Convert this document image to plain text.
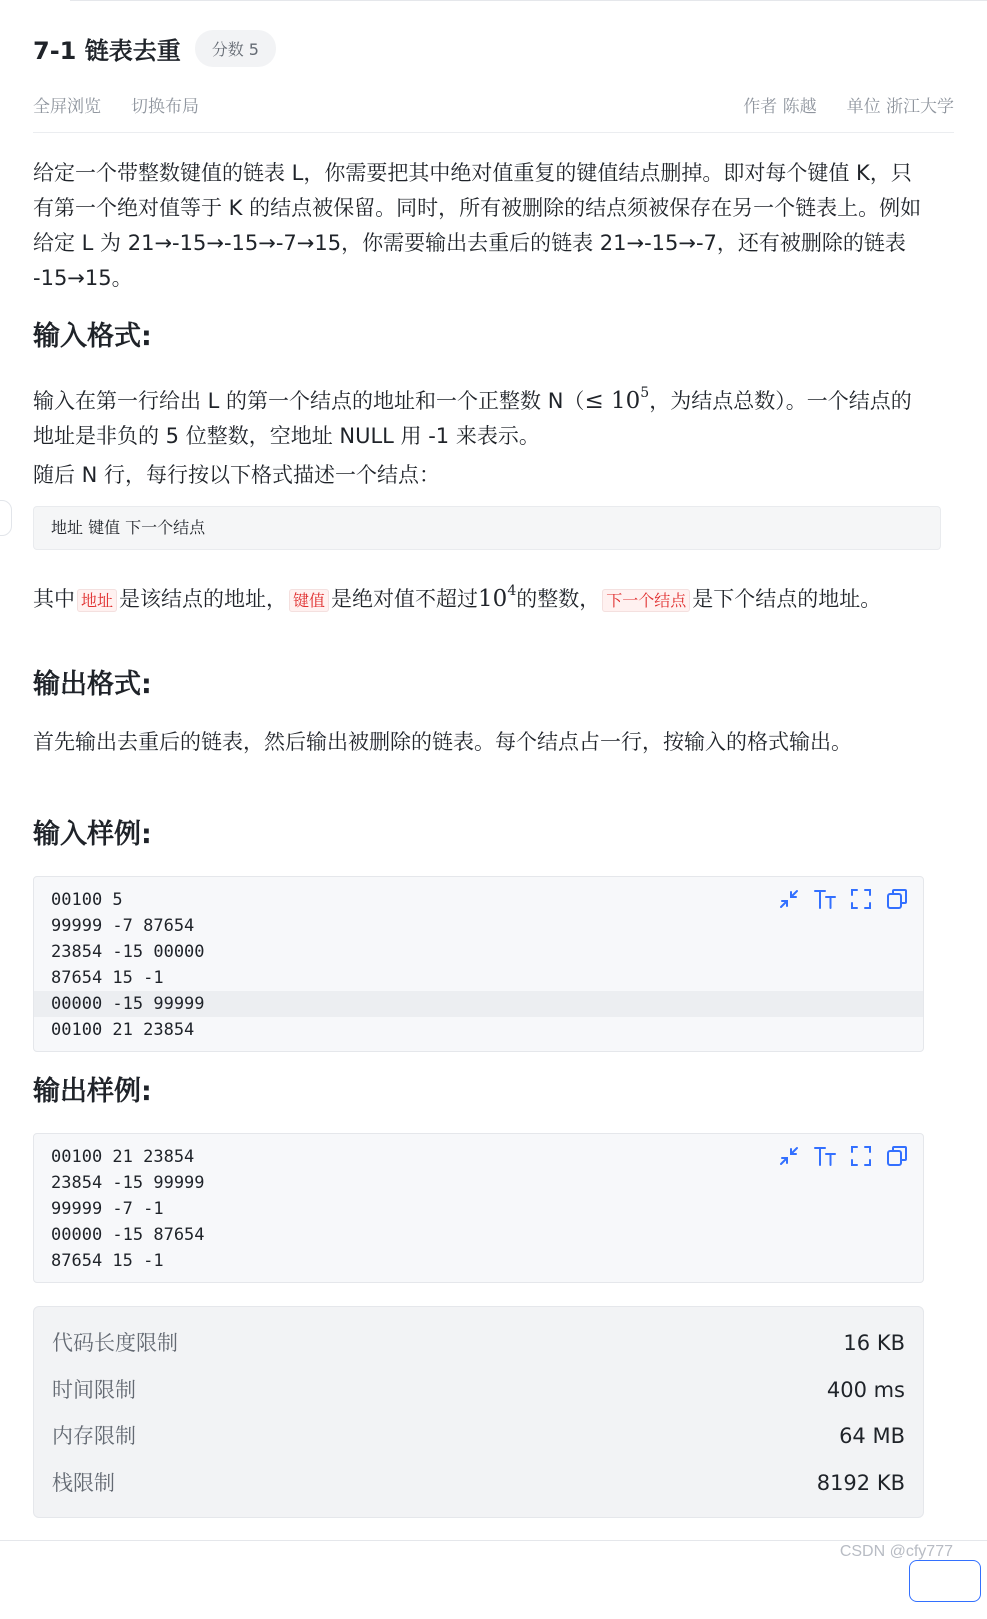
7-1 链表去重	分数 5
全屏浏览 切换布局	作者 陈越 单位 浙江大学

给定一个带整数键值的链表 L，你需要把其中绝对值重复的键值结点删掉。即对每个键值 K，只有第一个绝对值等于 K 的结点被保留。同时，所有被删除的结点须被保存在另一个链表上。例如给定 L 为 21→-15→-15→-7→15，你需要输出去重后的链表 21→-15→-7，还有被删除的链表 -15→15。

输入格式:

输入在第一行给出 L 的第一个结点的地址和一个正整数 $N(\le 10^5$，为结点总数）。一个结点的地址是非负的 5 位整数，空地址 NULL 用 -1 来表示。

随后 N 行，每行按以下格式描述一个结点：

地址 键值 下一个结点

其中 地址 是该结点的地址， 键值 是绝对值不超过$10^4$的整数， 下一个结点 是下个结点的地址。

输出格式:

首先输出去重后的链表，然后输出被删除的链表。每个结点占一行，按输入的格式输出。

输入样例:
00100 5
99999 -7 87654
23854 -15 00000
87654 15 -1
00000 -15 99999
00100 21 23854
输出样例:
00100 21 23854
23854 -15 99999
99999 -7 -1
00000 -15 87654
87654 15 -1
代码长度限制	16 KB
时间限制	400 ms
内存限制	64 MB
栈限制	8192 KB
CSDN @cfy777
